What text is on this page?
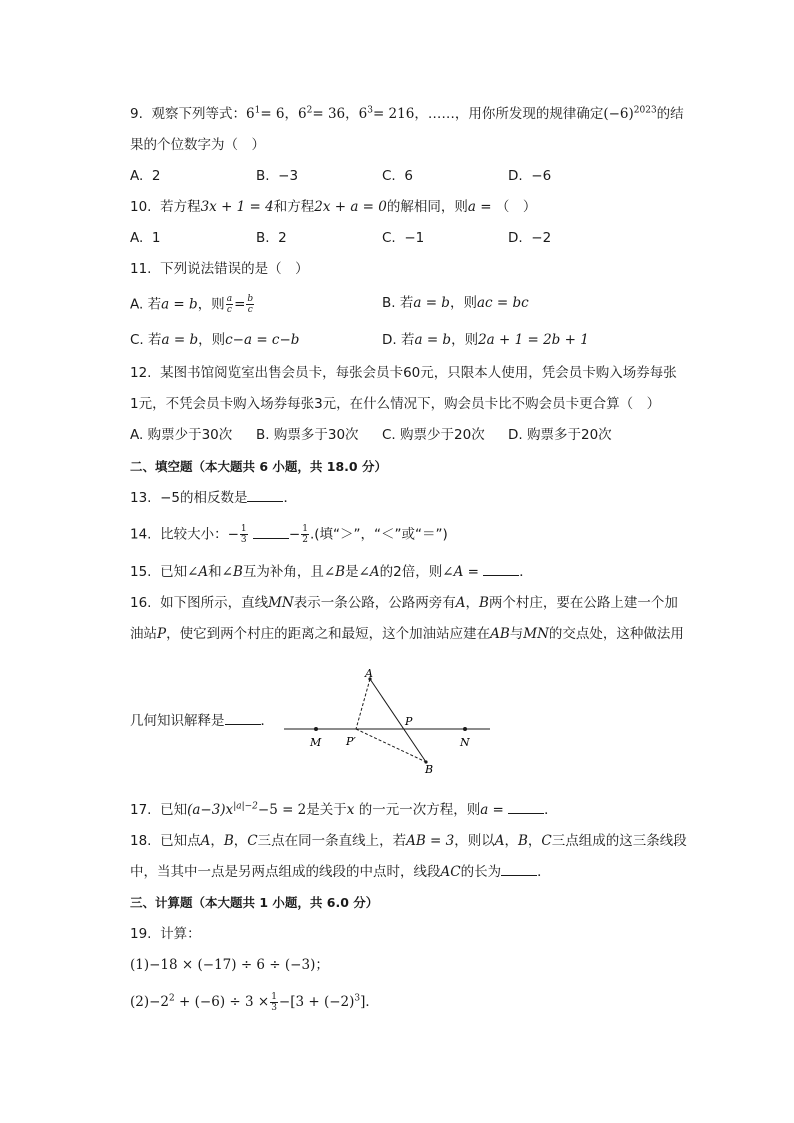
9. 观察下列等式：$6^1= 6$，$6^2= 36$，$6^3= 216$，……，用你所发现的规律确定$(-6)^{2023}$的结
果的个位数字为（　）
A. 2	B. −3	C. 6	D. −6
10. 若方程3x + 1 = 4和方程2x + a = 0的解相同，则a = （　）
A. 1	B. 2	C. −1	D. −2
11. 下列说法错误的是（　）
A. 若a = b，则 $\frac{a}{c} = \frac{b}{c}$	B. 若a = b，则ac = bc
C. 若a = b，则c−a = c−b	D. 若a = b，则2a + 1 = 2b + 1
12. 某图书馆阅览室出售会员卡，每张会员卡60元，只限本人使用，凭会员卡购入场券每张
1元，不凭会员卡购入场券每张3元，在什么情况下，购会员卡比不购会员卡更合算（　）
A. 购票少于30次 B. 购票多于30次 C. 购票少于20次 D. 购票多于20次
二、填空题（本大题共 6 小题，共 18.0 分）
13. −5的相反数是	．
14. 比较大小：− $\frac{1}{3}$	− $\frac{1}{2}$ .(填“＞”，“＜”或“＝”)
15. 已知∠A和∠B互为补角，且∠B是∠A的2倍，则∠A =	．
16. 如下图所示，直线MN表示一条公路，公路两旁有A，B两个村庄，要在公路上建一个加
油站P，使它到两个村庄的距离之和最短，这个加油站应建在AB与MN的交点处，这种做法用
几何知识解释是	．
A
P
P′
M	N
B
17. 已知$(a-3)x^{|a|-2}-5 = 2$是关于x 的一元一次方程，则a =	．
18. 已知点A，B，C三点在同一条直线上，若AB = 3，则以A，B，C三点组成的这三条线段
中，当其中一点是另两点组成的线段的中点时，线段AC的长为	．
三、计算题（本大题共 1 小题，共 6.0 分）
19. 计算：
(1)−18 × (−17) ÷ 6 ÷ (−3)；
$(2)-2^2 + (-6) \div 3 \times \frac{1}{3} -[3 + (-2)^3]$．
